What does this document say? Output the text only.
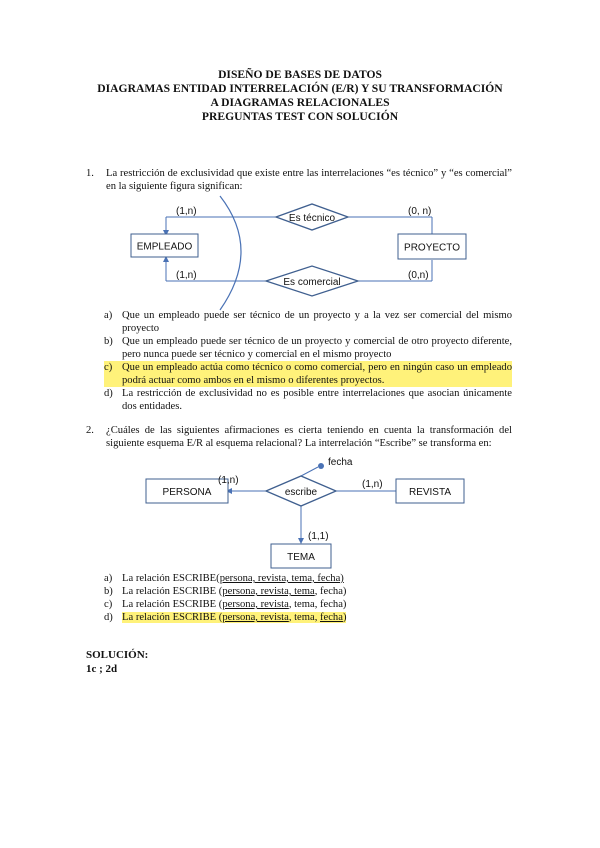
DISEÑO DE BASES DE DATOS
DIAGRAMAS ENTIDAD INTERRELACIÓN (E/R) Y SU TRANSFORMACIÓN
A DIAGRAMAS RELACIONALES
PREGUNTAS TEST CON SOLUCIÓN
1. La restricción de exclusividad que existe entre las interrelaciones “es técnico” y “es comercial” en la siguiente figura significan:
EMPLEADO	PROYECTO
Es técnico
Es comercial
(1,n)	(0, n)
(1,n)	(0,n)
a) Que un empleado puede ser técnico de un proyecto y a la vez ser comercial del mismo proyecto
b) Que un empleado puede ser técnico de un proyecto y comercial de otro proyecto diferente, pero nunca puede ser técnico y comercial en el mismo proyecto
c) Que un empleado actúa como técnico o como comercial, pero en ningún caso un empleado podrá actuar como ambos en el mismo o diferentes proyectos.
d) La restricción de exclusividad no es posible entre interrelaciones que asocian únicamente dos entidades.
2. ¿Cuáles de las siguientes afirmaciones es cierta teniendo en cuenta la transformación del siguiente esquema E/R al esquema relacional? La interrelación “Escribe” se transforma en:
PERSONA	REVISTA
TEMA
escribe
fecha
(1,n)	(1,n)
(1,1)
a) La relación ESCRIBE(persona, revista, tema, fecha)
b) La relación ESCRIBE (persona, revista, tema, fecha)
c) La relación ESCRIBE (persona, revista, tema, fecha)
d) La relación ESCRIBE (persona, revista, tema, fecha)
SOLUCIÓN:
1c ; 2d
